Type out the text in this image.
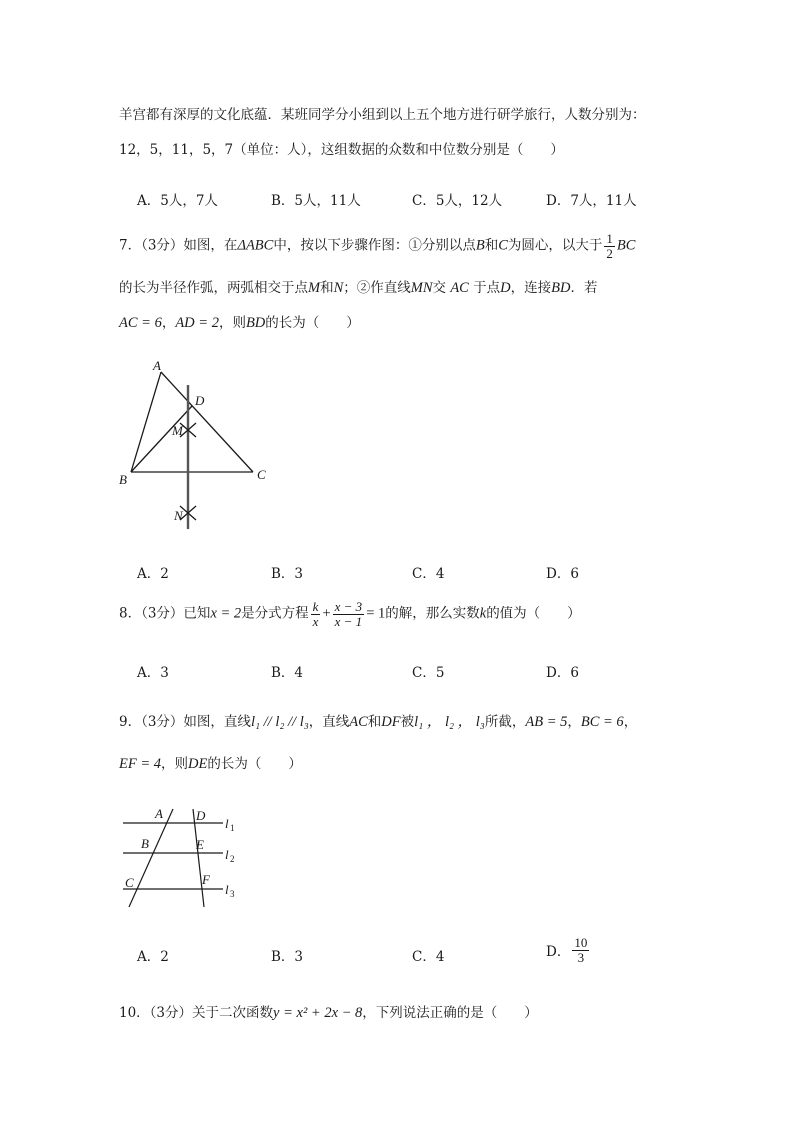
羊宫都有深厚的文化底蕴．某班同学分小组到以上五个地方进行研学旅行，人数分别为：
12，5，11，5，7（单位：人），这组数据的众数和中位数分别是（　　）
A．5人，7人	B．5人，11人	C．5人，12人	D．7人，11人
7．（3分）如图，在ΔABC中，按以下步骤作图：①分别以点B和C为圆心，以大于 $\frac{1}{2}$ BC
的长为半径作弧，两弧相交于点M和N；②作直线MN交 AC 于点D，连接BD．若
AC = 6，AD = 2，则BD的长为（　　）
A
D
M
B	C
N
A．2	B．3	C．4	D．6
8．（3分）已知x = 2是分式方程 $\frac{k}{x} + \frac{x - 3}{x - 1} = 1$的解，那么实数k的值为（　　）
A．3	B．4	C．5	D．6
9．（3分）如图，直线l₁ // l₂ // l₃，直线AC和DF被l₁ ， l₂ ， l₃所截，AB = 5，BC = 6，
EF = 4，则DE的长为（　　）
A	D
B	E
C	F
l 1
l 2
l 3
A．2	B．3	C．4	D． $\frac{10}{3}$
10．（3分）关于二次函数y = x² + 2x − 8，下列说法正确的是（　　）
